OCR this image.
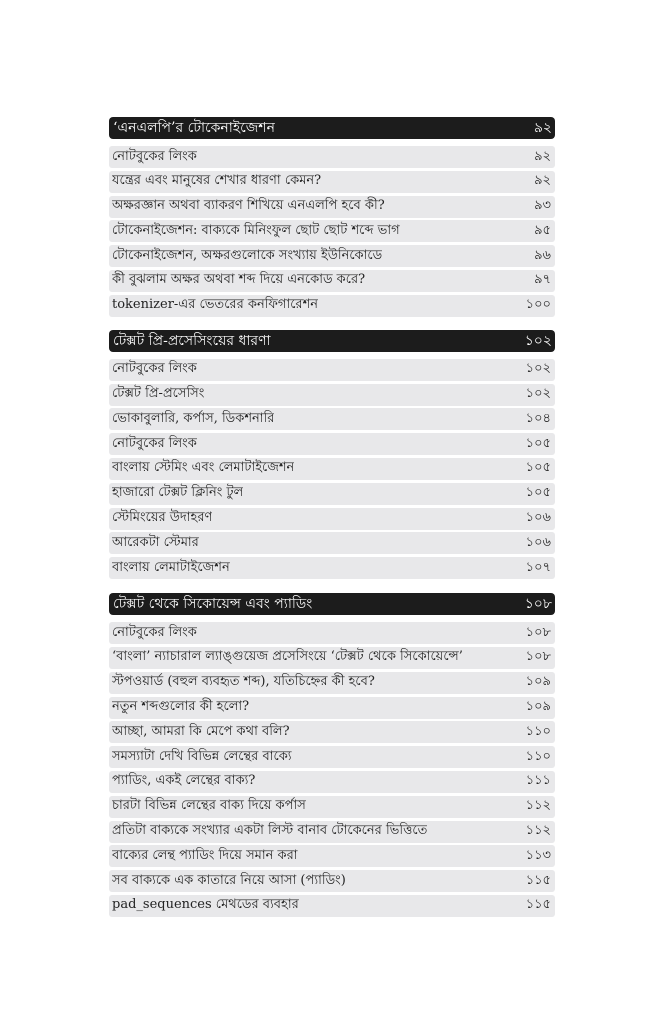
‘এনএলপি’র টোকেনাইজেশন	৯২
নোটবুকের লিংক	৯২
যন্ত্রের এবং মানুষের শেখার ধারণা কেমন?	৯২
অক্ষরজ্ঞান অথবা ব্যাকরণ শিখিয়ে এনএলপি হবে কী?	৯৩
টোকেনাইজেশন: বাক্যকে মিনিংফুল ছোট ছোট শব্দে ভাগ	৯৫
টোকেনাইজেশন, অক্ষরগুলোকে সংখ্যায় ইউনিকোডে	৯৬
কী বুঝলাম অক্ষর অথবা শব্দ দিয়ে এনকোড করে?	৯৭
tokenizer-এর ভেতরের কনফিগারেশন	১০০
টেক্সট প্রি-প্রসেসিংয়ের ধারণা	১০২
নোটবুকের লিংক	১০২
টেক্সট প্রি-প্রসেসিং	১০২
ভোকাবুলারি, কর্পাস, ডিকশনারি	১০৪
নোটবুকের লিংক	১০৫
বাংলায় স্টেমিং এবং লেমাটাইজেশন	১০৫
হাজারো টেক্সট ক্লিনিং টুল	১০৫
স্টেমিংয়ের উদাহরণ	১০৬
আরেকটা স্টেমার	১০৬
বাংলায় লেমাটাইজেশন	১০৭
টেক্সট থেকে সিকোয়েন্স এবং প্যাডিং	১০৮
নোটবুকের লিংক	১০৮
‘বাংলা’ ন্যাচারাল ল্যাঙ্গুয়েজ প্রসেসিংয়ে ‘টেক্সট থেকে সিকোয়েন্সে’	১০৮
স্টপওয়ার্ড (বহুল ব্যবহৃত শব্দ), যতিচিহ্নের কী হবে?	১০৯
নতুন শব্দগুলোর কী হলো?	১০৯
আচ্ছা, আমরা কি মেপে কথা বলি?	১১০
সমস্যাটা দেখি বিভিন্ন লেন্থের বাক্যে	১১০
প্যাডিং, একই লেন্থের বাক্য?	১১১
চারটা বিভিন্ন লেন্থের বাক্য দিয়ে কর্পাস	১১২
প্রতিটা বাক্যকে সংখ্যার একটা লিস্ট বানাব টোকেনের ভিত্তিতে	১১২
বাক্যের লেন্থ প্যাডিং দিয়ে সমান করা	১১৩
সব বাক্যকে এক কাতারে নিয়ে আসা (প্যাডিং)	১১৫
pad_sequences মেথডের ব্যবহার	১১৫
